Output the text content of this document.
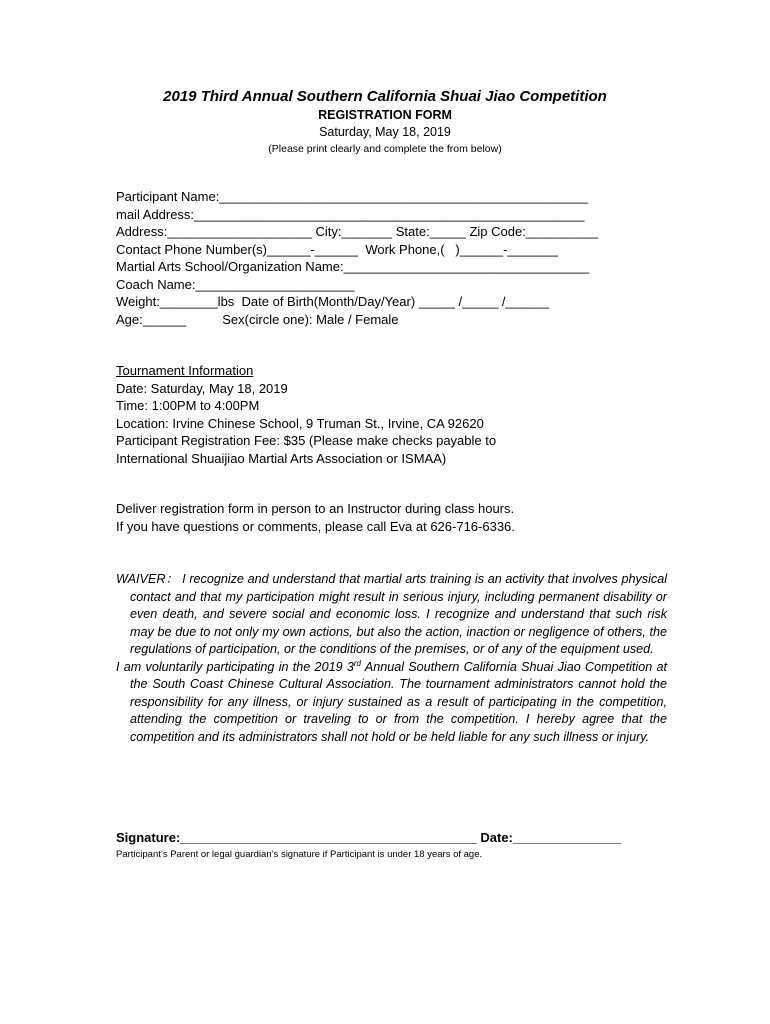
2019 Third Annual Southern California Shuai Jiao Competition
REGISTRATION FORM
Saturday, May 18, 2019
(Please print clearly and complete the from below)
Participant Name:___________________________________________________
mail Address:______________________________________________________
Address:____________________ City:_______ State:_____ Zip Code:__________
Contact Phone Number(s)______-______  Work Phone,(   )______-_______
Martial Arts School/Organization Name:__________________________________
Coach Name:______________________
Weight:________lbs  Date of Birth(Month/Day/Year) _____ /_____ /______
Age:______          Sex(circle one): Male / Female
Tournament Information
Date: Saturday, May 18, 2019
Time: 1:00PM to 4:00PM
Location: Irvine Chinese School, 9 Truman St., Irvine, CA 92620
Participant Registration Fee: $35 (Please make checks payable to
International Shuaijiao Martial Arts Association or ISMAA)
Deliver registration form in person to an Instructor during class hours.
If you have questions or comments, please call Eva at 626-716-6336.

WAIVER： I recognize and understand that martial arts training is an activity that involves physical contact and that my participation might result in serious injury, including permanent disability or even death, and severe social and economic loss. I recognize and understand that such risk may be due to not only my own actions, but also the action, inaction or negligence of others, the regulations of participation, or the conditions of the premises, or of any of the equipment used.

I am voluntarily participating in the 2019 3rd Annual Southern California Shuai Jiao Competition at the South Coast Chinese Cultural Association. The tournament administrators cannot hold the responsibility for any illness, or injury sustained as a result of participating in the competition, attending the competition or traveling to or from the competition. I hereby agree that the competition and its administrators shall not hold or be held liable for any such illness or injury.

Signature:_________________________________________ Date:_______________
Participant’s Parent or legal guardian’s signature if Participant is under 18 years of age.
